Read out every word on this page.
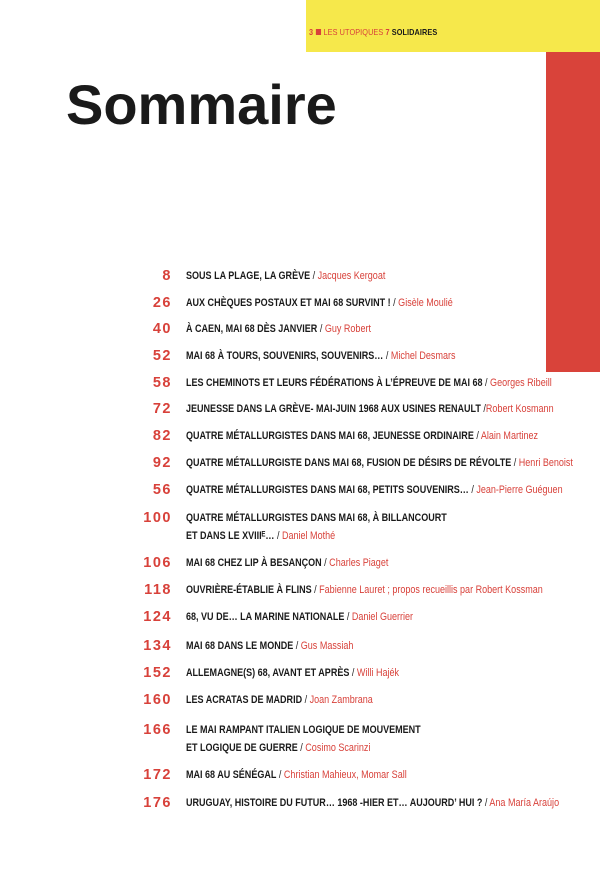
3 LES UTOPIQUES 7 SOLIDAIRES
Sommaire
8 SOUS LA PLAGE, LA GRÈVE / Jacques Kergoat
26 AUX CHÈQUES POSTAUX ET MAI 68 SURVINT ! / Gisèle Moulié
40 À CAEN, MAI 68 DÈS JANVIER / Guy Robert
52 MAI 68 À TOURS, SOUVENIRS, SOUVENIRS… / Michel Desmars
58 LES CHEMINOTS ET LEURS FÉDÉRATIONS À L’ÉPREUVE DE MAI 68 / Georges Ribeill
72 JEUNESSE DANS LA GRÈVE- MAI-JUIN 1968 AUX USINES RENAULT /Robert Kosmann
82 QUATRE MÉTALLURGISTES DANS MAI 68, JEUNESSE ORDINAIRE / Alain Martinez
92 QUATRE MÉTALLURGISTE DANS MAI 68, FUSION DE DÉSIRS DE RÉVOLTE / Henri Benoist
56 QUATRE MÉTALLURGISTES DANS MAI 68, PETITS SOUVENIRS… / Jean-Pierre Guéguen
100 QUATRE MÉTALLURGISTES DANS MAI 68, À BILLANCOURT
ET DANS LE XVIIIᴱ… / Daniel Mothé
106 MAI 68 CHEZ LIP À BESANÇON / Charles Piaget
118 OUVRIÈRE-ÉTABLIE À FLINS / Fabienne Lauret ; propos recueillis par Robert Kossman
124 68, VU DE… LA MARINE NATIONALE / Daniel Guerrier
134 MAI 68 DANS LE MONDE / Gus Massiah
152 ALLEMAGNE(S) 68, AVANT ET APRÈS / Willi Hajék
160 LES ACRATAS DE MADRID / Joan Zambrana
166 LE MAI RAMPANT ITALIEN LOGIQUE DE MOUVEMENT
ET LOGIQUE DE GUERRE / Cosimo Scarinzi
172 MAI 68 AU SÉNÉGAL / Christian Mahieux, Momar Sall
176 URUGUAY, HISTOIRE DU FUTUR… 1968 -HIER ET… AUJOURD’ HUI ? / Ana María Araújo
